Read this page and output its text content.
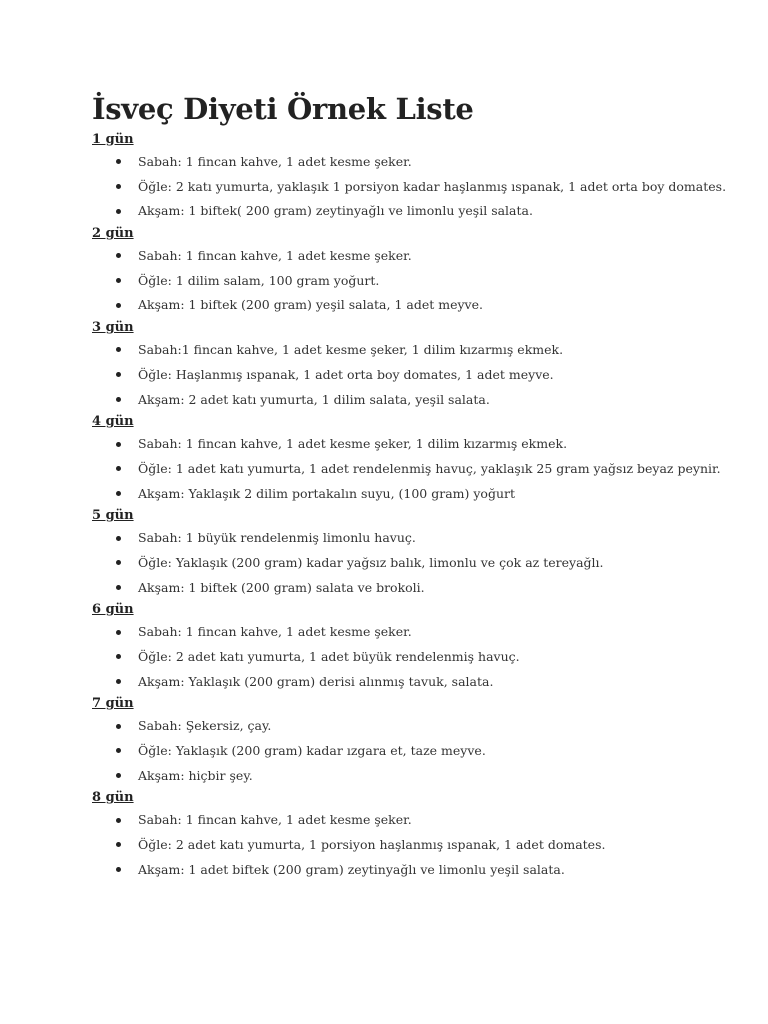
İsveç Diyeti Örnek Liste
1 gün
Sabah: 1 fincan kahve, 1 adet kesme şeker.
Öğle: 2 katı yumurta, yaklaşık 1 porsiyon kadar haşlanmış ıspanak, 1 adet orta boy domates.
Akşam: 1 biftek( 200 gram) zeytinyağlı ve limonlu yeşil salata.
2 gün
Sabah: 1 fincan kahve, 1 adet kesme şeker.
Öğle: 1 dilim salam, 100 gram yoğurt.
Akşam: 1 biftek (200 gram) yeşil salata, 1 adet meyve.
3 gün
Sabah:1 fincan kahve, 1 adet kesme şeker, 1 dilim kızarmış ekmek.
Öğle: Haşlanmış ıspanak, 1 adet orta boy domates, 1 adet meyve.
Akşam: 2 adet katı yumurta, 1 dilim salata, yeşil salata.
4 gün
Sabah: 1 fincan kahve, 1 adet kesme şeker, 1 dilim kızarmış ekmek.
Öğle: 1 adet katı yumurta, 1 adet rendelenmiş havuç, yaklaşık 25 gram yağsız beyaz peynir.
Akşam: Yaklaşık 2 dilim portakalın suyu, (100 gram) yoğurt
5 gün
Sabah: 1 büyük rendelenmiş limonlu havuç.
Öğle: Yaklaşık (200 gram) kadar yağsız balık, limonlu ve çok az tereyağlı.
Akşam: 1 biftek (200 gram) salata ve brokoli.
6 gün
Sabah: 1 fincan kahve, 1 adet kesme şeker.
Öğle: 2 adet katı yumurta, 1 adet büyük rendelenmiş havuç.
Akşam: Yaklaşık (200 gram) derisi alınmış tavuk, salata.
7 gün
Sabah: Şekersiz, çay.
Öğle: Yaklaşık (200 gram) kadar ızgara et, taze meyve.
Akşam: hiçbir şey.
8 gün
Sabah: 1 fincan kahve, 1 adet kesme şeker.
Öğle: 2 adet katı yumurta, 1 porsiyon haşlanmış ıspanak, 1 adet domates.
Akşam: 1 adet biftek (200 gram) zeytinyağlı ve limonlu yeşil salata.
